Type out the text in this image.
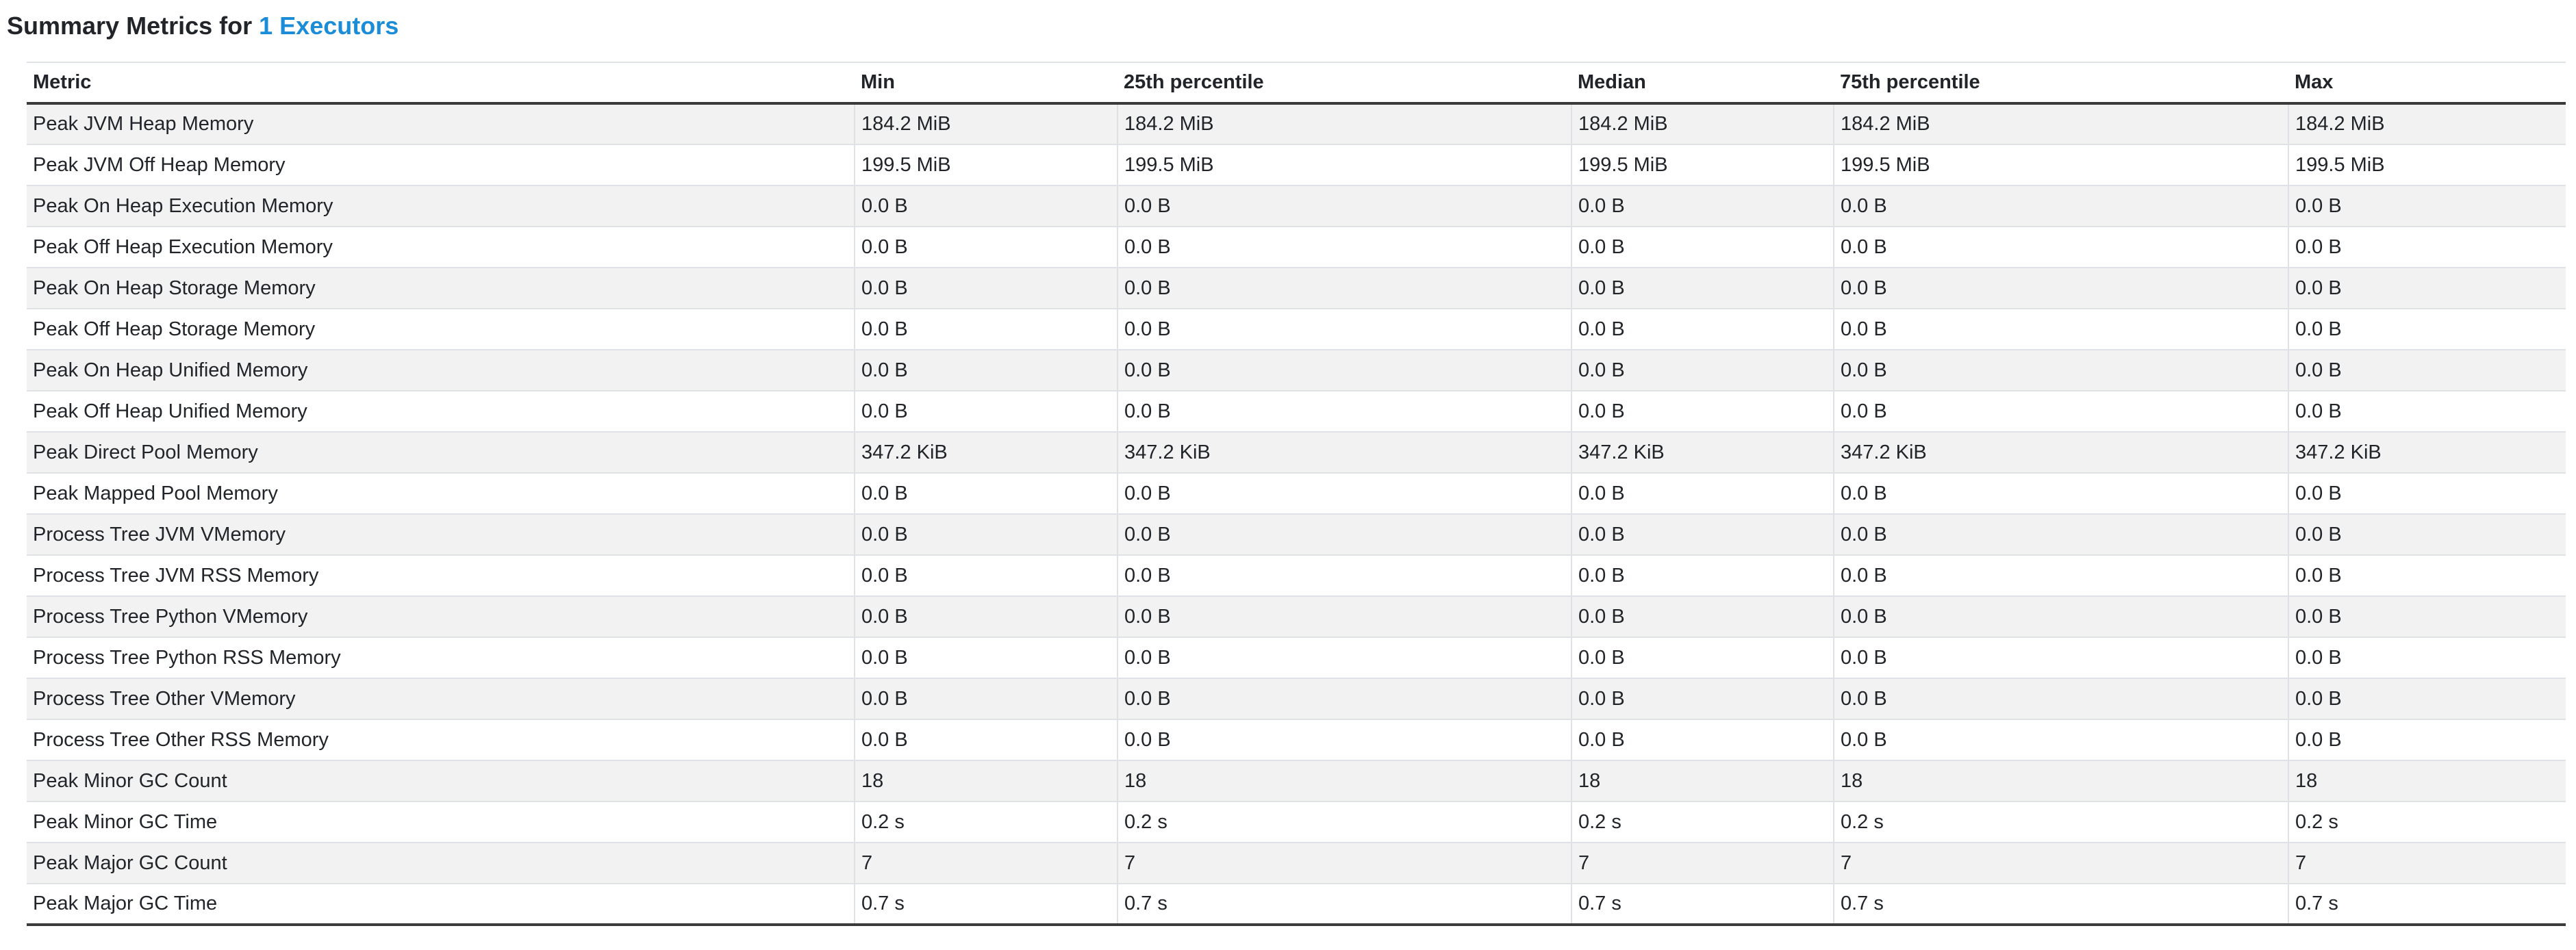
Summary Metrics for 1 Executors
Metric	Min	25th percentile	Median	75th percentile	Max
Peak JVM Heap Memory	184.2 MiB	184.2 MiB	184.2 MiB	184.2 MiB	184.2 MiB
Peak JVM Off Heap Memory	199.5 MiB	199.5 MiB	199.5 MiB	199.5 MiB	199.5 MiB
Peak On Heap Execution Memory	0.0 B	0.0 B	0.0 B	0.0 B	0.0 B
Peak Off Heap Execution Memory	0.0 B	0.0 B	0.0 B	0.0 B	0.0 B
Peak On Heap Storage Memory	0.0 B	0.0 B	0.0 B	0.0 B	0.0 B
Peak Off Heap Storage Memory	0.0 B	0.0 B	0.0 B	0.0 B	0.0 B
Peak On Heap Unified Memory	0.0 B	0.0 B	0.0 B	0.0 B	0.0 B
Peak Off Heap Unified Memory	0.0 B	0.0 B	0.0 B	0.0 B	0.0 B
Peak Direct Pool Memory	347.2 KiB	347.2 KiB	347.2 KiB	347.2 KiB	347.2 KiB
Peak Mapped Pool Memory	0.0 B	0.0 B	0.0 B	0.0 B	0.0 B
Process Tree JVM VMemory	0.0 B	0.0 B	0.0 B	0.0 B	0.0 B
Process Tree JVM RSS Memory	0.0 B	0.0 B	0.0 B	0.0 B	0.0 B
Process Tree Python VMemory	0.0 B	0.0 B	0.0 B	0.0 B	0.0 B
Process Tree Python RSS Memory	0.0 B	0.0 B	0.0 B	0.0 B	0.0 B
Process Tree Other VMemory	0.0 B	0.0 B	0.0 B	0.0 B	0.0 B
Process Tree Other RSS Memory	0.0 B	0.0 B	0.0 B	0.0 B	0.0 B
Peak Minor GC Count	18	18	18	18	18
Peak Minor GC Time	0.2 s	0.2 s	0.2 s	0.2 s	0.2 s
Peak Major GC Count	7	7	7	7	7
Peak Major GC Time	0.7 s	0.7 s	0.7 s	0.7 s	0.7 s
